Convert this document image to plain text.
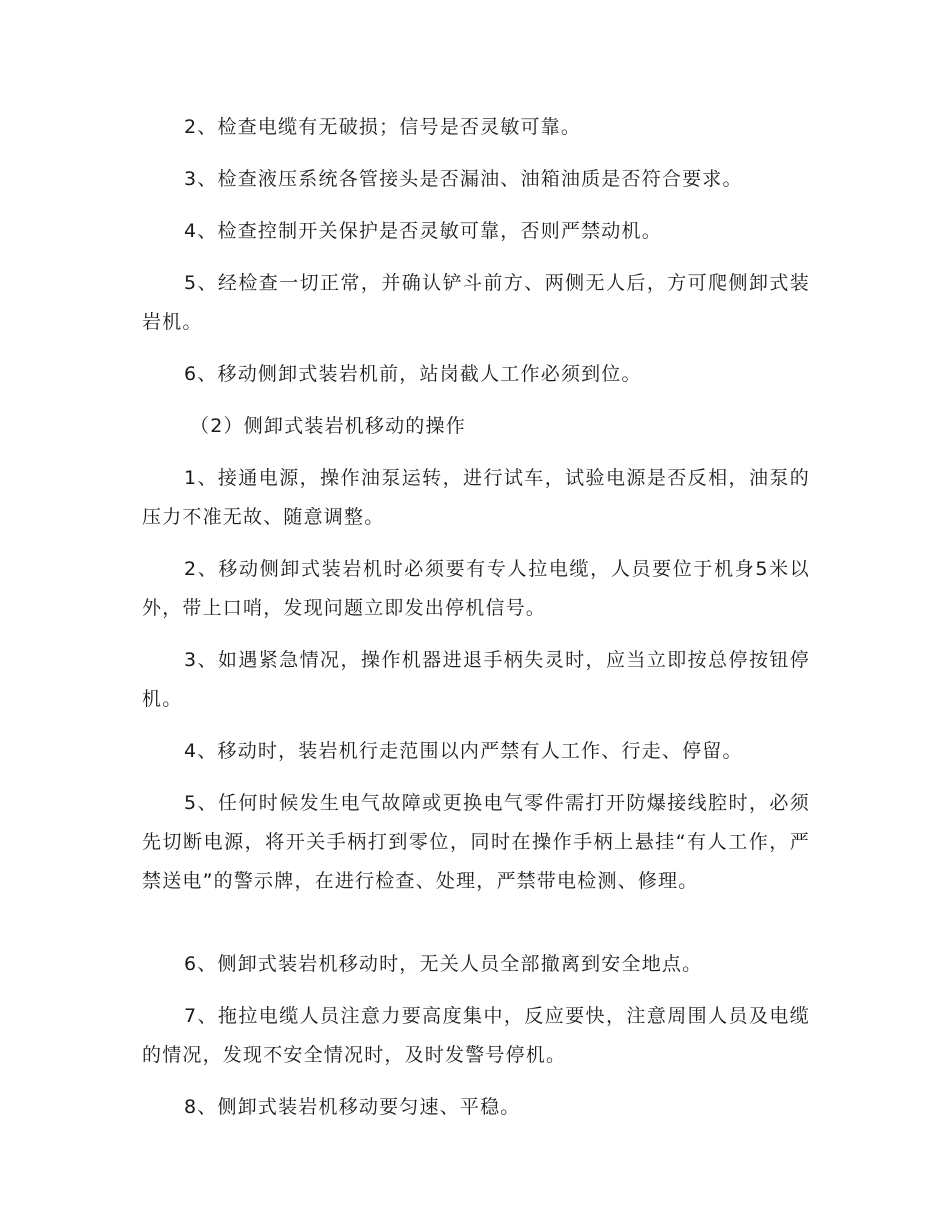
2、检查电缆有无破损；信号是否灵敏可靠。

3、检查液压系统各管接头是否漏油、油箱油质是否符合要求。

4、检查控制开关保护是否灵敏可靠，否则严禁动机。

5、经检查一切正常，并确认铲斗前方、两侧无人后，方可爬侧卸式装岩机。

6、移动侧卸式装岩机前，站岗截人工作必须到位。

（2）侧卸式装岩机移动的操作

1、接通电源，操作油泵运转，进行试车，试验电源是否反相，油泵的压力不准无故、随意调整。

2、移动侧卸式装岩机时必须要有专人拉电缆，人员要位于机身5米以外，带上口哨，发现问题立即发出停机信号。

3、如遇紧急情况，操作机器进退手柄失灵时，应当立即按总停按钮停机。

4、移动时，装岩机行走范围以内严禁有人工作、行走、停留。

5、任何时候发生电气故障或更换电气零件需打开防爆接线腔时，必须先切断电源，将开关手柄打到零位，同时在操作手柄上悬挂“有人工作，严禁送电”的警示牌，在进行检查、处理，严禁带电检测、修理。

6、侧卸式装岩机移动时，无关人员全部撤离到安全地点。

7、拖拉电缆人员注意力要高度集中，反应要快，注意周围人员及电缆的情况，发现不安全情况时，及时发警号停机。

8、侧卸式装岩机移动要匀速、平稳。
